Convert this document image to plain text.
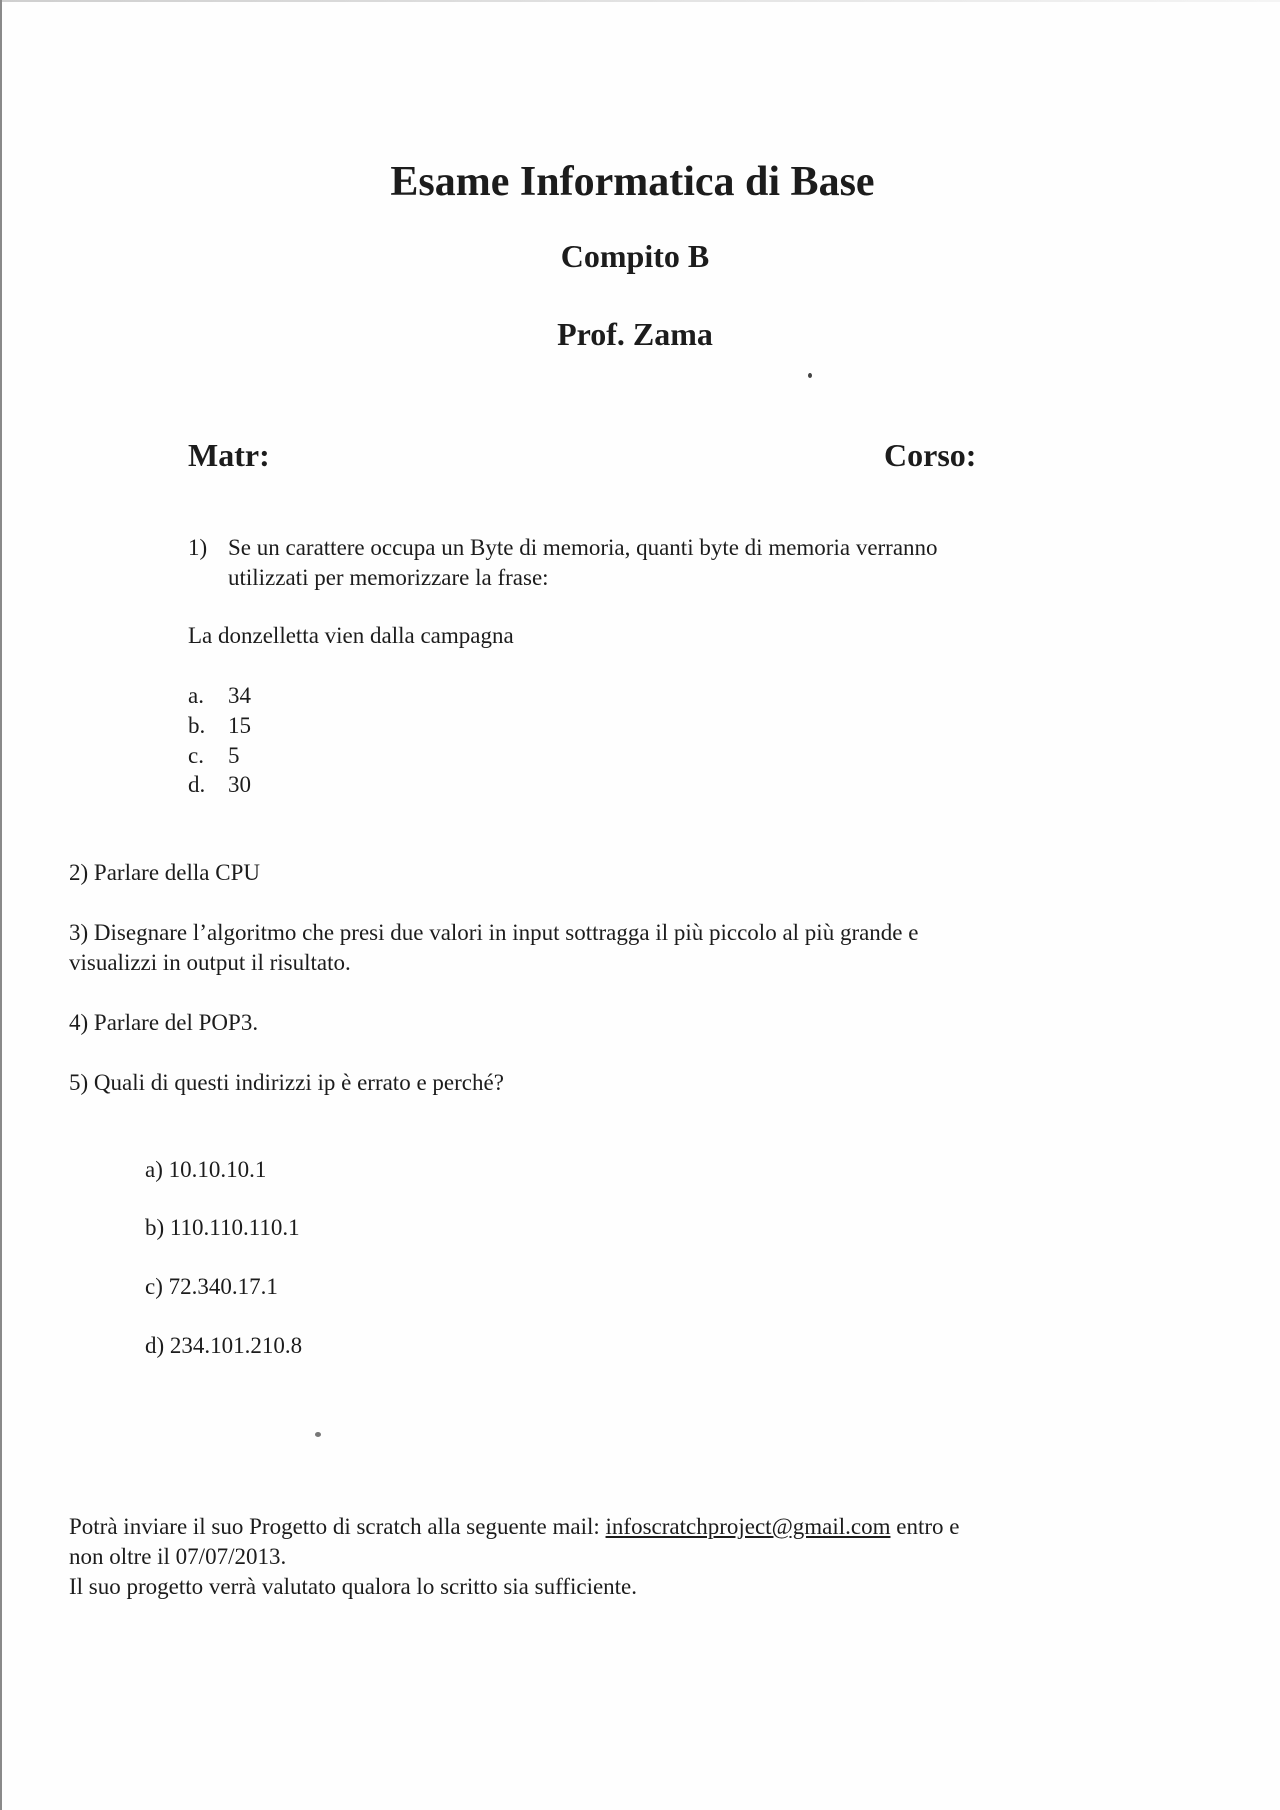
Esame Informatica di Base
Compito B
Prof. Zama
Matr:	Corso:
1) Se un carattere occupa un Byte di memoria, quanti byte di memoria verranno
utilizzati per memorizzare la frase:
La donzelletta vien dalla campagna
a. 34
b. 15
c. 5
d. 30
2) Parlare della CPU
3) Disegnare l’algoritmo che presi due valori in input sottragga il più piccolo al più grande e
visualizzi in output il risultato.
4) Parlare del POP3.
5) Quali di questi indirizzi ip è errato e perché?
a) 10.10.10.1
b) 110.110.110.1
c) 72.340.17.1
d) 234.101.210.8
Potrà inviare il suo Progetto di scratch alla seguente mail: infoscratchproject@gmail.com entro e
non oltre il 07/07/2013.
Il suo progetto verrà valutato qualora lo scritto sia sufficiente.
